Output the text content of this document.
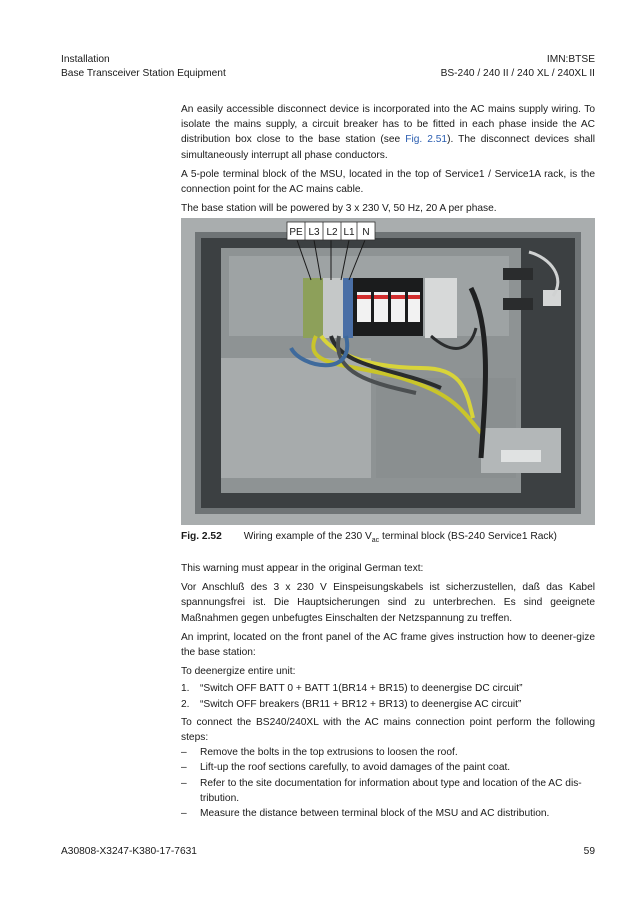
Installation
Base Transceiver Station Equipment
IMN:BTSE
BS-240 / 240 II / 240 XL / 240XL II

An easily accessible disconnect device is incorporated into the AC mains supply wiring. To isolate the mains supply, a circuit breaker has to be fitted in each phase inside the AC distribution box close to the base station (see Fig. 2.51). The disconnect devices shall simultaneously interrupt all phase conductors.

A 5-pole terminal block of the MSU, located in the top of Service1 / Service1A rack, is the connection point for the AC mains cable.

The base station will be powered by 3 x 230 V, 50 Hz, 20 A per phase.

PE L3 L2 L1 N
Fig. 2.52 Wiring example of the 230 $V_{ac}$ terminal block (BS-240 Service1 Rack)

This warning must appear in the original German text:

Vor Anschluß des 3 x 230 V Einspeisungskabels ist sicherzustellen, daß das Kabel spannungsfrei ist. Die Hauptsicherungen sind zu unterbrechen. Es sind geeignete Maßnahmen gegen unbefugtes Einschalten der Netzspannung zu treffen.

An imprint, located on the front panel of the AC frame gives instruction how to deener-gize the base station:

To deenergize entire unit:

1.	“Switch OFF BATT 0 + BATT 1(BR14 + BR15) to deenergise DC circuit”
2.	“Switch OFF breakers (BR11 + BR12 + BR13) to deenergise AC circuit”

To connect the BS240/240XL with the AC mains connection point perform the following steps:

–	Remove the bolts in the top extrusions to loosen the roof.
–	Lift-up the roof sections carefully, to avoid damages of the paint coat.
–	Refer to the site documentation for information about type and location of the AC dis-tribution.
–	Measure the distance between terminal block of the MSU and AC distribution.
A30808-X3247-K380-17-7631	59
